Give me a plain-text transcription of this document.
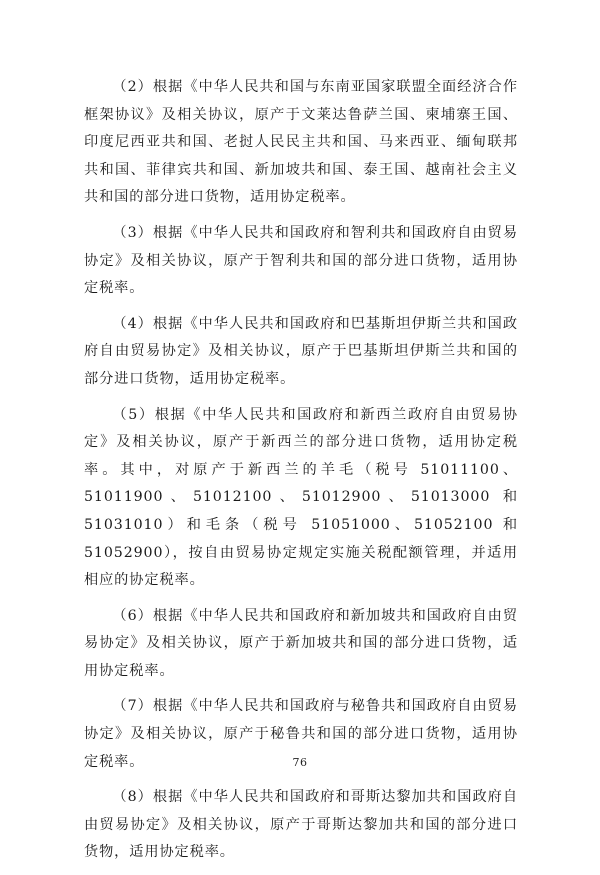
（2）根据《中华人民共和国与东南亚国家联盟全面经济合作框架协议》及相关协议，原产于文莱达鲁萨兰国、柬埔寨王国、印度尼西亚共和国、老挝人民民主共和国、马来西亚、缅甸联邦共和国、菲律宾共和国、新加坡共和国、泰王国、越南社会主义共和国的部分进口货物，适用协定税率。

（3）根据《中华人民共和国政府和智利共和国政府自由贸易协定》及相关协议，原产于智利共和国的部分进口货物，适用协定税率。

（4）根据《中华人民共和国政府和巴基斯坦伊斯兰共和国政府自由贸易协定》及相关协议，原产于巴基斯坦伊斯兰共和国的部分进口货物，适用协定税率。

（5）根据《中华人民共和国政府和新西兰政府自由贸易协定》及相关协议，原产于新西兰的部分进口货物，适用协定税率。其中，对原产于新西兰的羊毛（税号 51011100、51011900、51012100、51012900、51013000 和 51031010）和毛条（税号 51051000、51052100 和 51052900），按自由贸易协定规定实施关税配额管理，并适用相应的协定税率。

（6）根据《中华人民共和国政府和新加坡共和国政府自由贸易协定》及相关协议，原产于新加坡共和国的部分进口货物，适用协定税率。

（7）根据《中华人民共和国政府与秘鲁共和国政府自由贸易协定》及相关协议，原产于秘鲁共和国的部分进口货物，适用协定税率。

（8）根据《中华人民共和国政府和哥斯达黎加共和国政府自由贸易协定》及相关协议，原产于哥斯达黎加共和国的部分进口货物，适用协定税率。

76
